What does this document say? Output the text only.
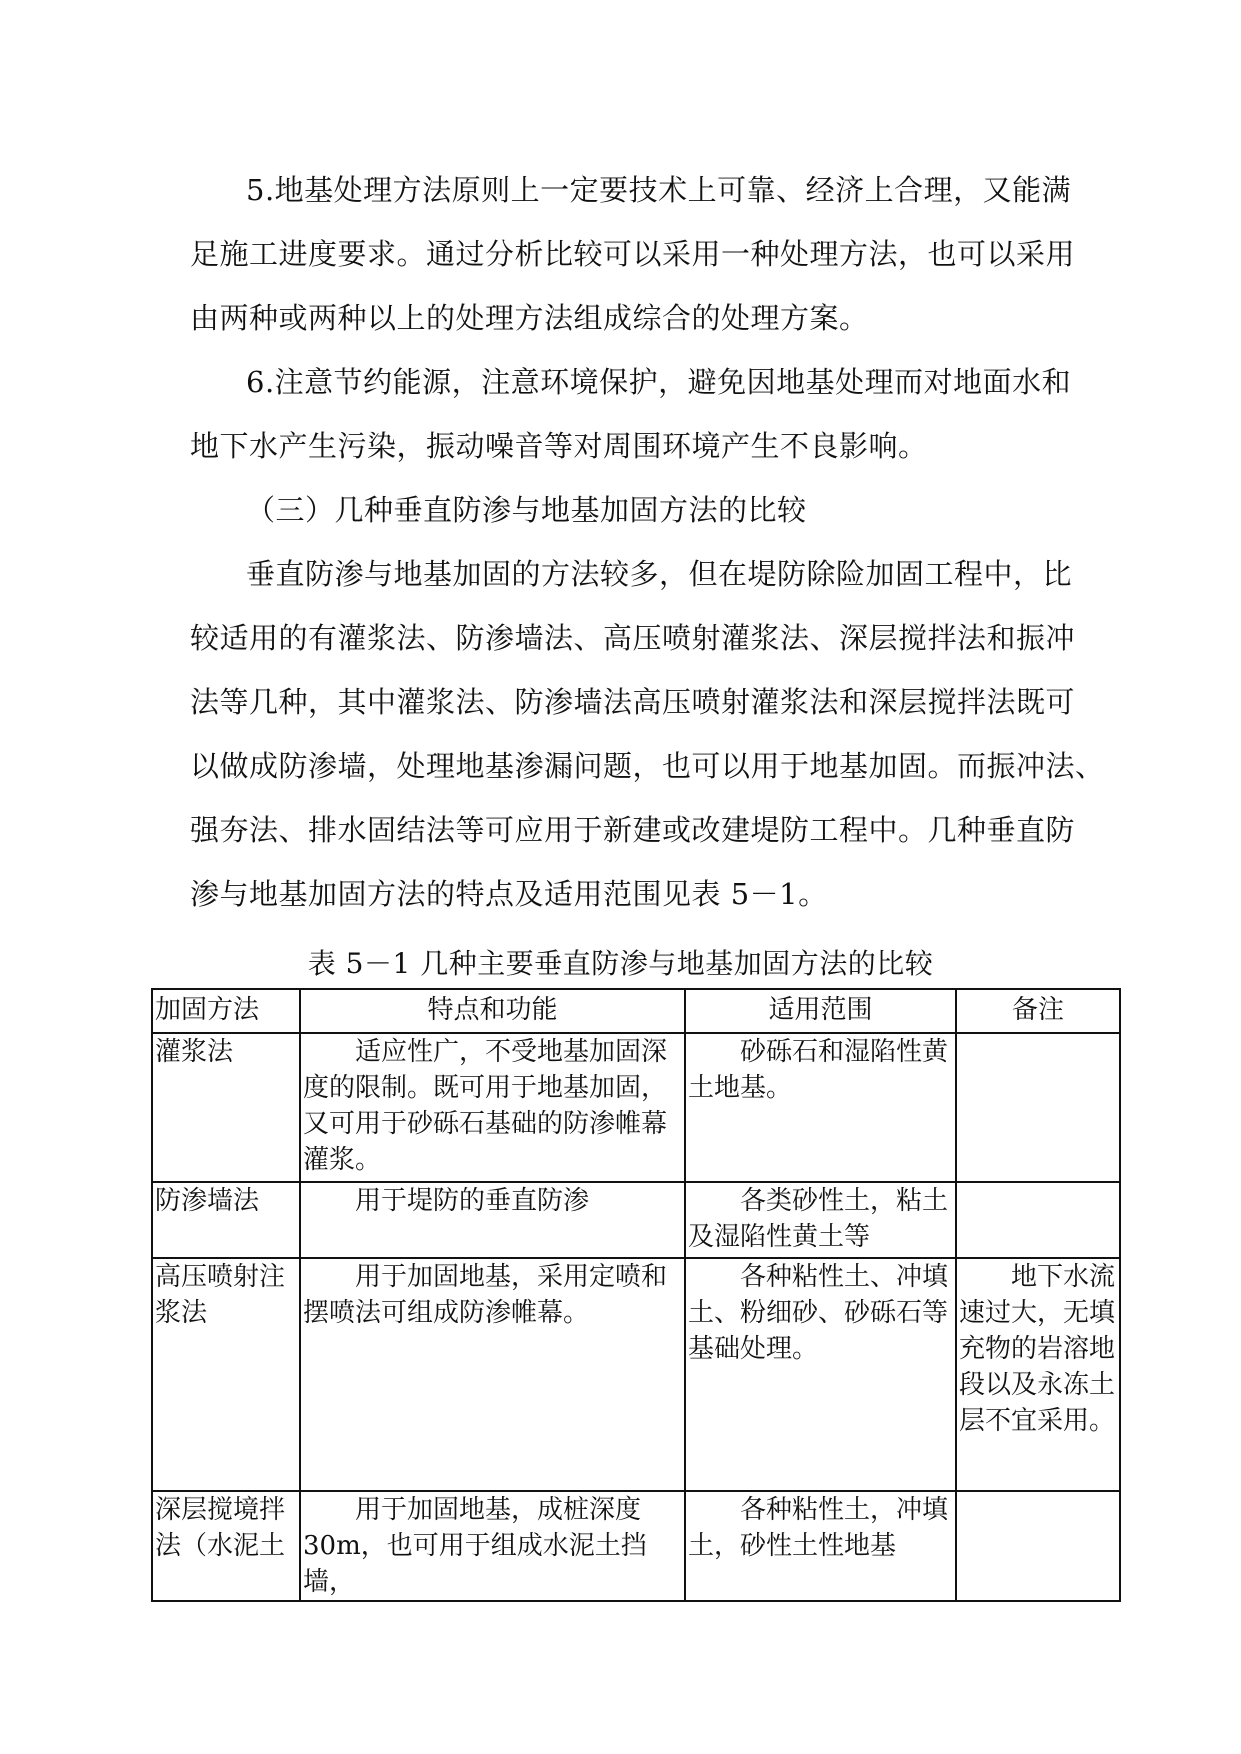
5.地基处理方法原则上一定要技术上可靠、经济上合理，又能满
足施工进度要求。通过分析比较可以采用一种处理方法，也可以采用
由两种或两种以上的处理方法组成综合的处理方案。
6.注意节约能源，注意环境保护，避免因地基处理而对地面水和
地下水产生污染，振动噪音等对周围环境产生不良影响。
（三）几种垂直防渗与地基加固方法的比较
垂直防渗与地基加固的方法较多，但在堤防除险加固工程中，比
较适用的有灌浆法、防渗墙法、高压喷射灌浆法、深层搅拌法和振冲
法等几种，其中灌浆法、防渗墙法高压喷射灌浆法和深层搅拌法既可
以做成防渗墙，处理地基渗漏问题，也可以用于地基加固。而振冲法、
强夯法、排水固结法等可应用于新建或改建堤防工程中。几种垂直防
渗与地基加固方法的特点及适用范围见表 5－1。
表 5－1 几种主要垂直防渗与地基加固方法的比较
加固方法	特点和功能	适用范围	备注
灌浆法	适应性广，不受地基加固深度的限制。既可用于地基加固，又可用于砂砾石基础的防渗帷幕灌浆。	砂砾石和湿陷性黄土地基。	
防渗墙法	用于堤防的垂直防渗	各类砂性土，粘土及湿陷性黄土等	
高压喷射注浆法	用于加固地基，采用定喷和摆喷法可组成防渗帷幕。	各种粘性土、冲填土、粉细砂、砂砾石等基础处理。	地下水流速过大，无填充物的岩溶地段以及永冻土层不宜采用。
深层搅境拌法（水泥土	用于加固地基，成桩深度30m，也可用于组成水泥土挡墙，	各种粘性土，冲填土，砂性土性地基	
